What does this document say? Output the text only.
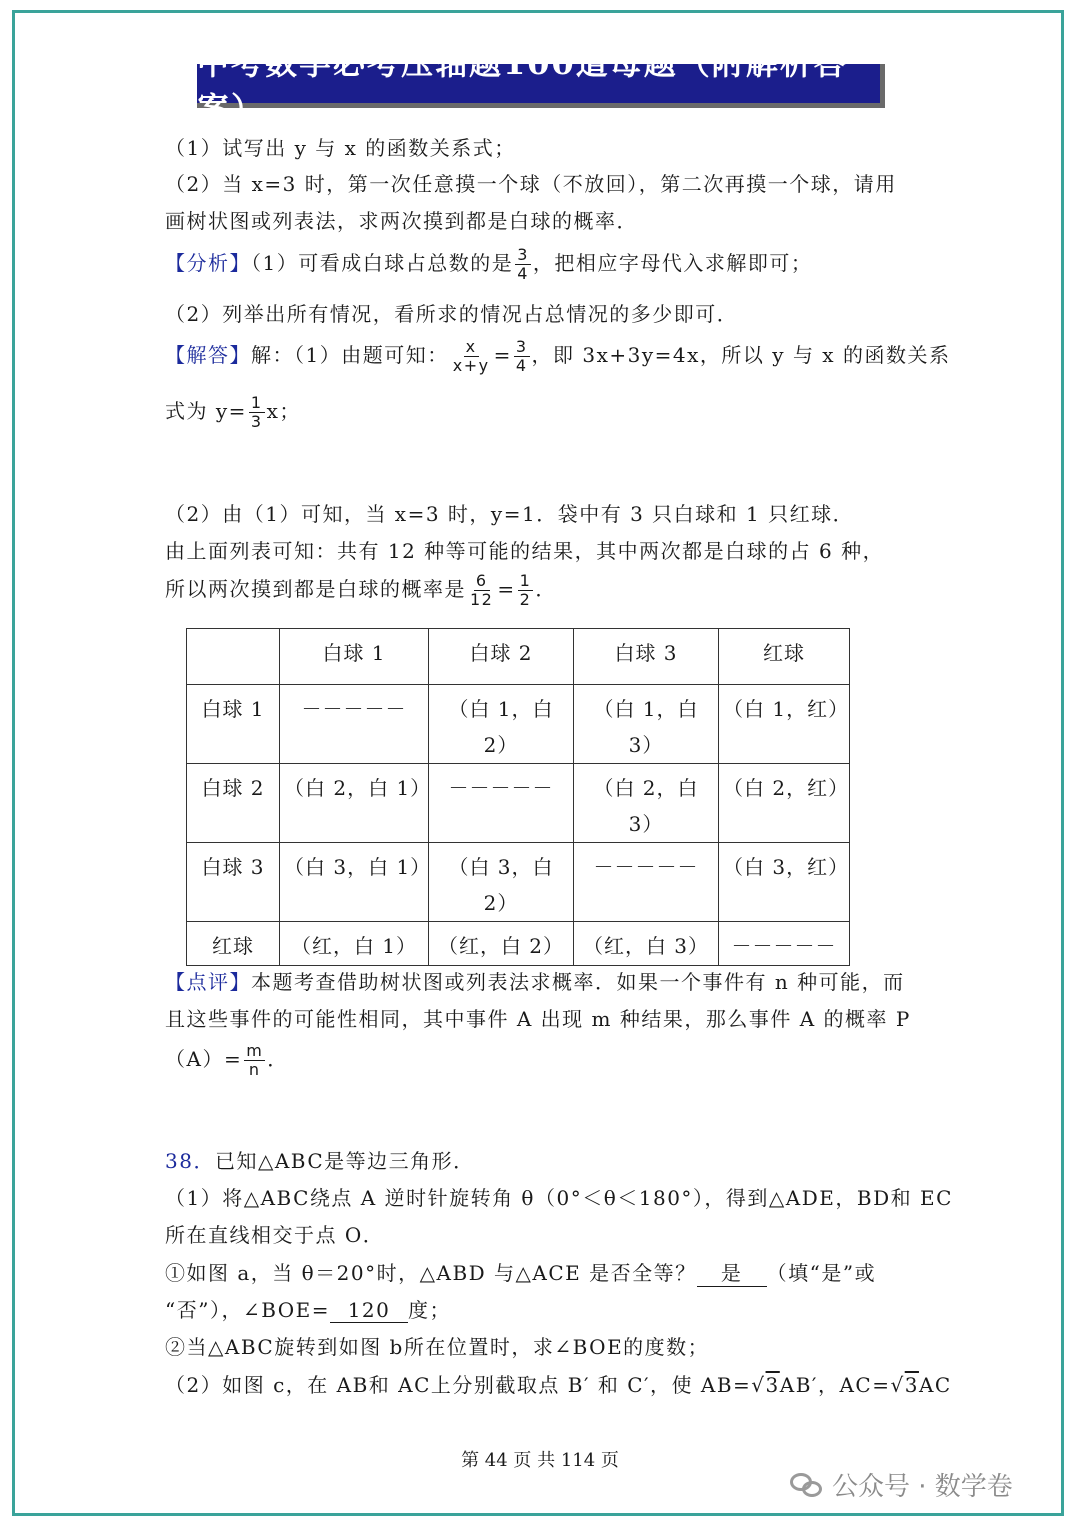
中考数学必考压轴题100道母题（附解析答案）
（1）试写出 y 与 x 的函数关系式；
（2）当 x=3 时，第一次任意摸一个球（不放回），第二次再摸一个球，请用
画树状图或列表法，求两次摸到都是白球的概率．
【分析】（1）可看成白球占总数的是 $\frac{3}{4}$ ，把相应字母代入求解即可；
（2）列举出所有情况，看所求的情况占总情况的多少即可．
【解答】解：（1）由题可知： $\frac{x}{x+y} = \frac{3}{4}$ ，即 3x+3y=4x，所以 y 与 x 的函数关系
式为 $y= \frac{1}{3}$ x；
（2）由（1）可知，当 x=3 时，y=1．袋中有 3 只白球和 1 只红球．
由上面列表可知：共有 12 种等可能的结果，其中两次都是白球的占 6 种，
所以两次摸到都是白球的概率是 $\frac{6}{12} = \frac{1}{2}$ ．
	白球 1	白球 2	白球 3	红球
白球 1	－－－－－	（白 1，白 2）	（白 1，白 3）	（白 1，红）
白球 2	（白 2，白 1）	－－－－－	（白 2，白 3）	（白 2，红）
白球 3	（白 3，白 1）	（白 3，白 2）	－－－－－	（白 3，红）
红球	（红，白 1）	（红，白 2）	（红，白 3）	－－－－－
【点评】本题考查借助树状图或列表法求概率．如果一个事件有 n 种可能，而
且这些事件的可能性相同，其中事件 A 出现 m 种结果，那么事件 A 的概率 P
$(A)= \frac{m}{n}$ ．
38．已知△ABC是等边三角形．
（1）将△ABC绕点 A 逆时针旋转角 θ（0°＜θ＜180°），得到△ADE，BD和 EC
所在直线相交于点 O．
①如图 a，当 θ＝20°时，△ABD 与△ACE 是否全等？ 是 （填“是”或
“否”），∠BOE= 120 度；
②当△ABC旋转到如图 b所在位置时，求∠BOE的度数；
（2）如图 c，在 AB和 AC上分别截取点 B′ 和 C′，使 AB=√3AB′，AC=√3AC
第 44 页 共 114 页
公众号 · 数学卷
